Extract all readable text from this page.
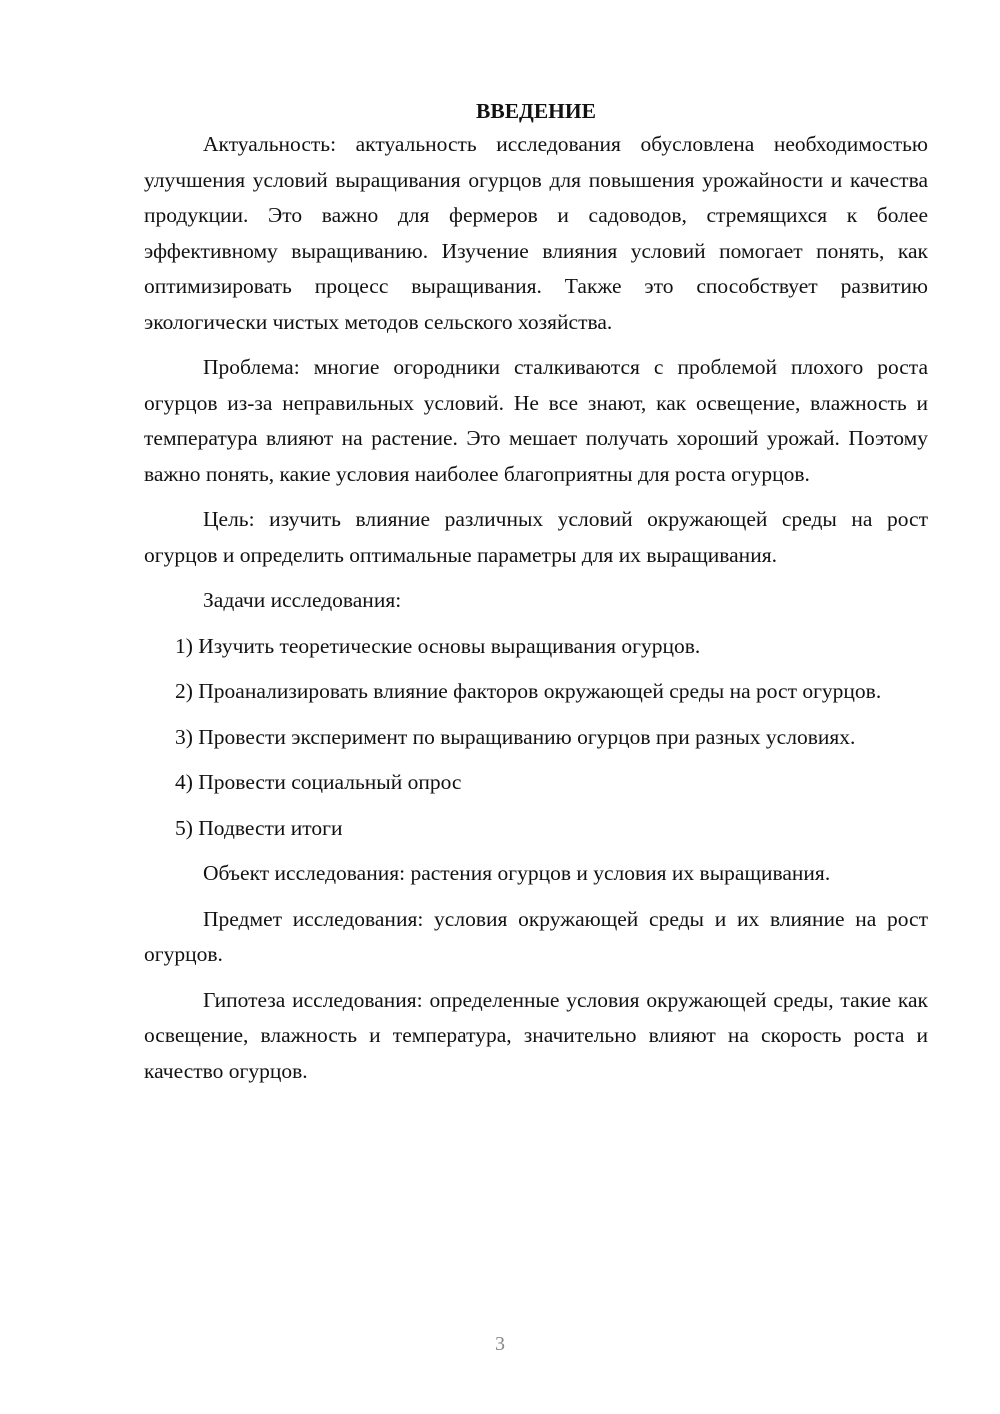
ВВЕДЕНИЕ

Актуальность: актуальность исследования обусловлена необходимостью улучшения условий выращивания огурцов для повышения урожайности и качества продукции. Это важно для фермеров и садоводов, стремящихся к более эффективному выращиванию. Изучение влияния условий помогает понять, как оптимизировать процесс выращивания. Также это способствует развитию экологически чистых методов сельского хозяйства.

Проблема: многие огородники сталкиваются с проблемой плохого роста огурцов из-за неправильных условий. Не все знают, как освещение, влажность и температура влияют на растение. Это мешает получать хороший урожай. Поэтому важно понять, какие условия наиболее благоприятны для роста огурцов.

Цель: изучить влияние различных условий окружающей среды на рост огурцов и определить оптимальные параметры для их выращивания.

Задачи исследования:

1) Изучить теоретические основы выращивания огурцов.

2) Проанализировать влияние факторов окружающей среды на рост огурцов.

3) Провести эксперимент по выращиванию огурцов при разных условиях.

4) Провести социальный опрос

5) Подвести итоги

Объект исследования: растения огурцов и условия их выращивания.

Предмет исследования: условия окружающей среды и их влияние на рост огурцов.

Гипотеза исследования: определенные условия окружающей среды, такие как освещение, влажность и температура, значительно влияют на скорость роста и качество огурцов.

3
